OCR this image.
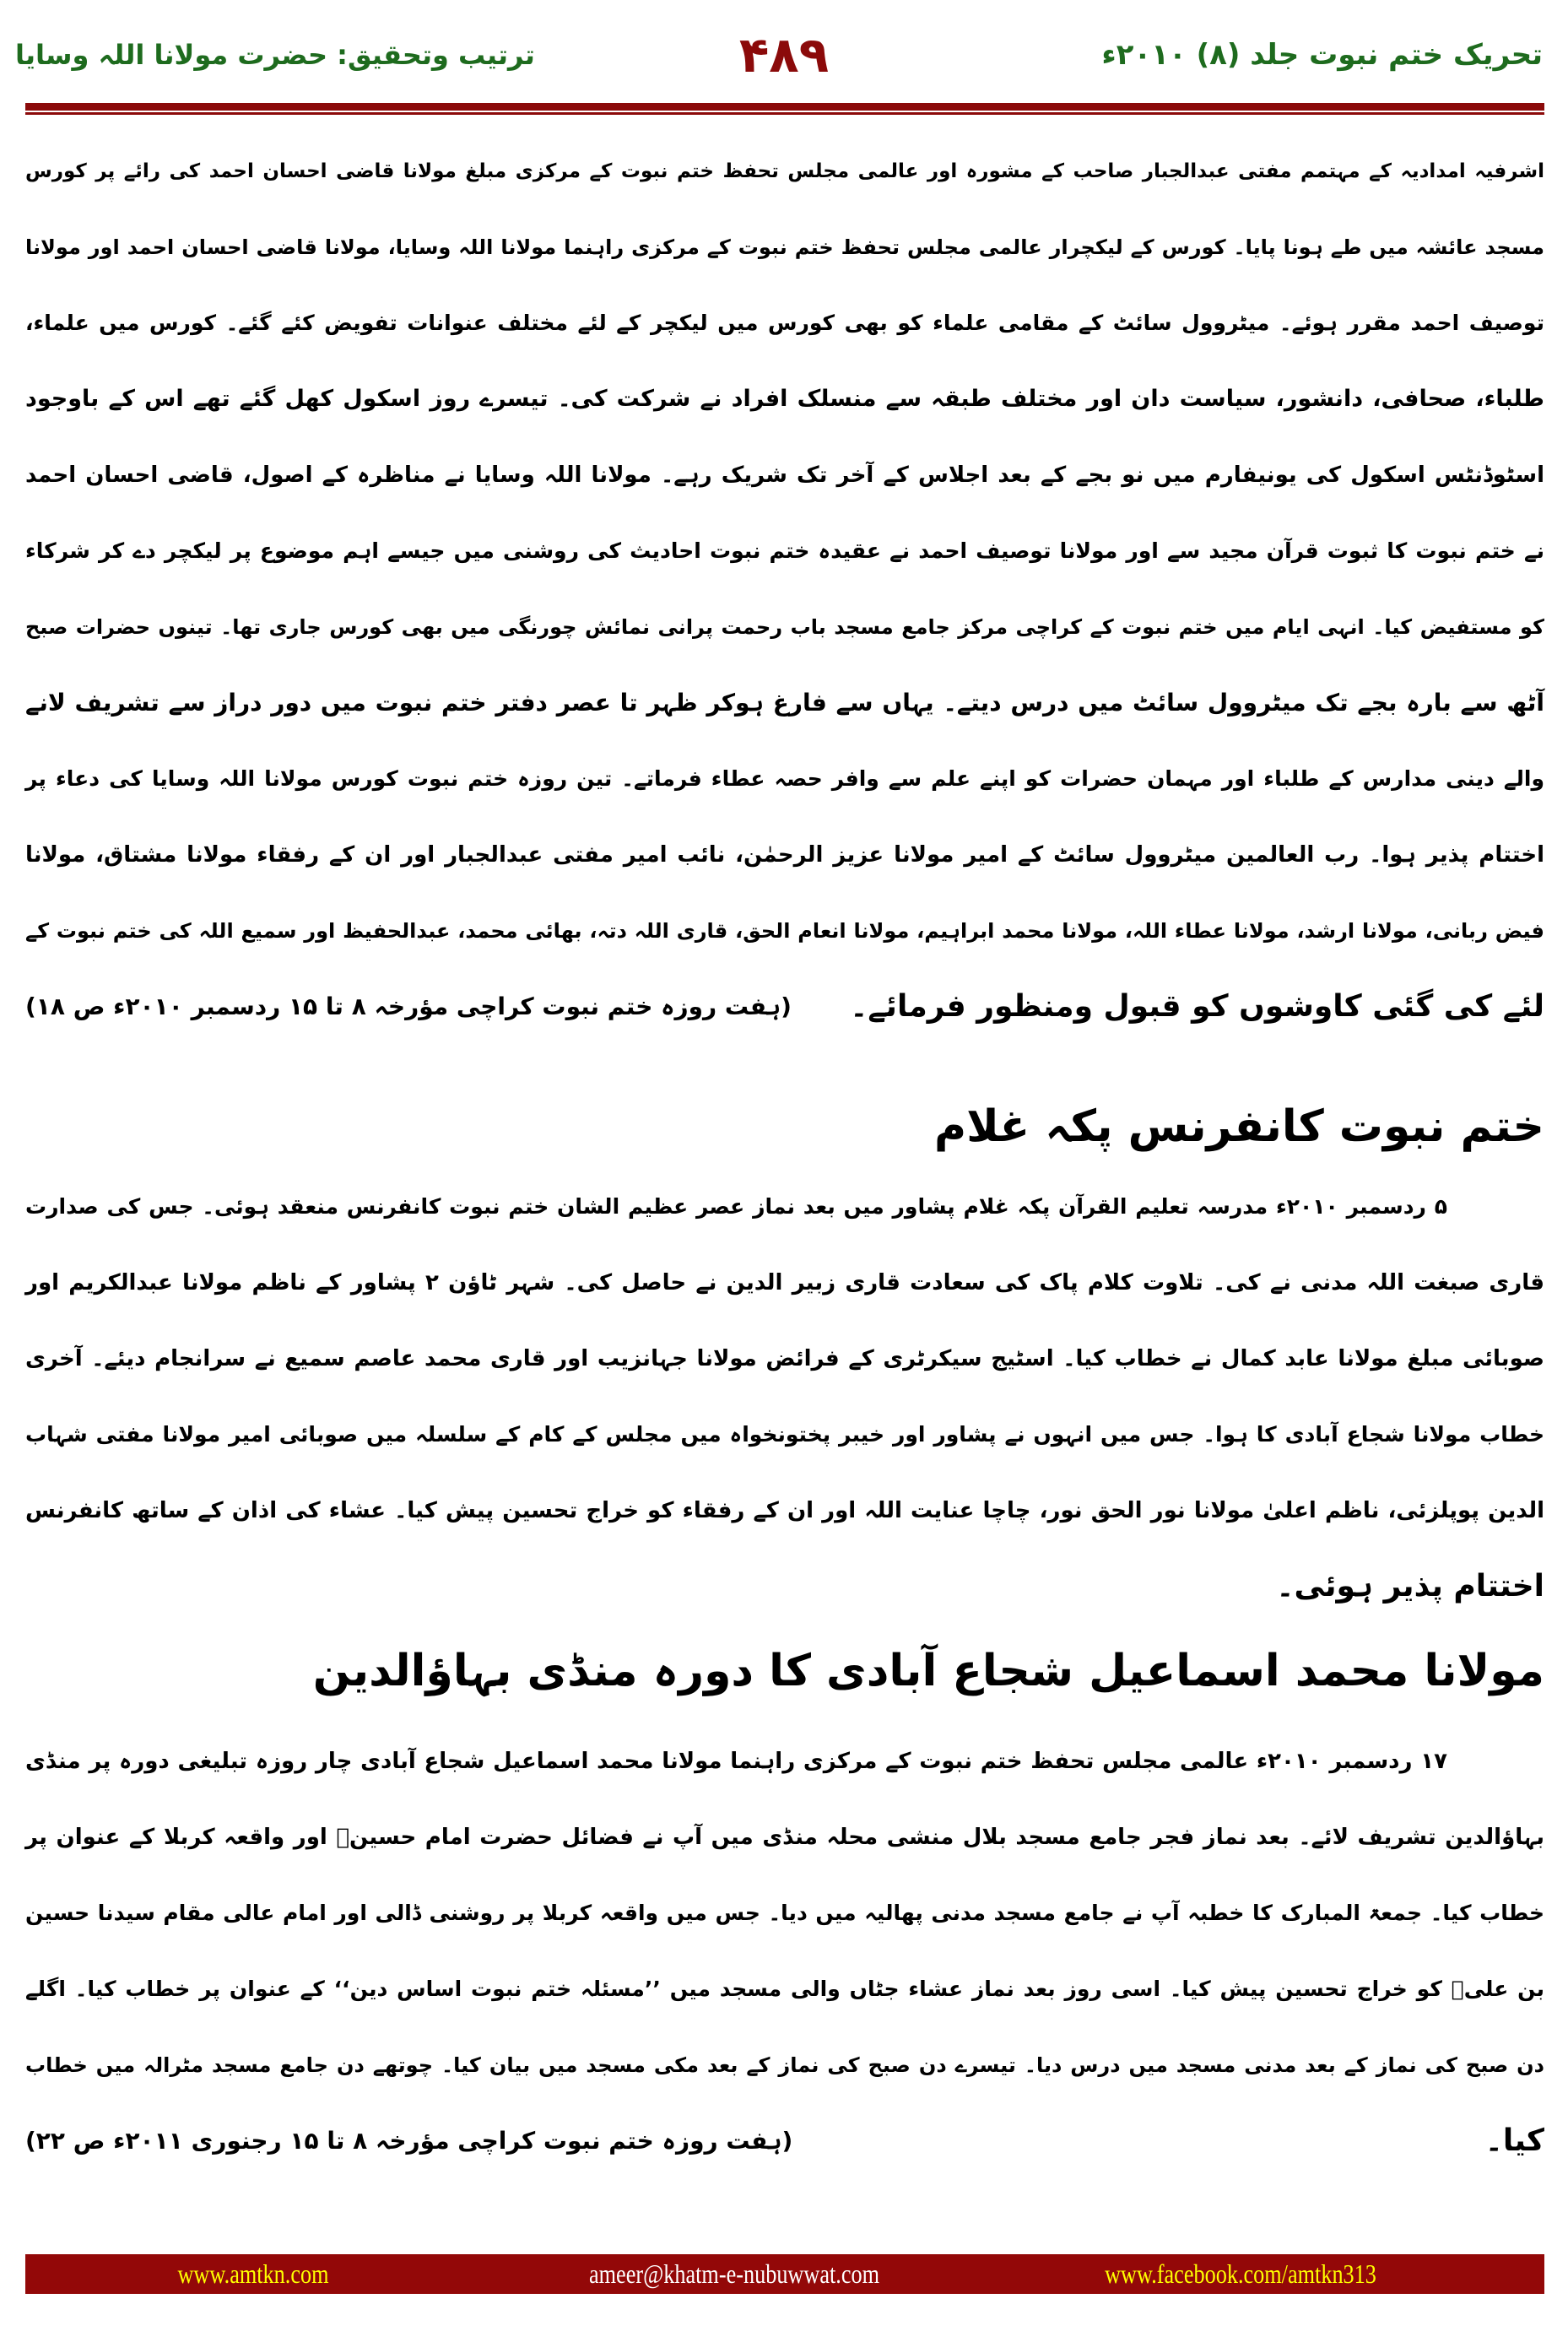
تحریک ختم نبوت جلد (۸) ۲۰۱۰ء
۴۸۹
ترتیب وتحقیق: حضرت مولانا اللہ وسایا
اشرفیہ امدادیہ کے مہتمم مفتی عبدالجبار صاحب کے مشورہ اور عالمی مجلس تحفظ ختم نبوت کے مرکزی مبلغ مولانا قاضی احسان احمد کی رائے پر کورس
مسجد عائشہ میں طے ہونا پایا۔ کورس کے لیکچرار عالمی مجلس تحفظ ختم نبوت کے مرکزی راہنما مولانا اللہ وسایا، مولانا قاضی احسان احمد اور مولانا
توصیف احمد مقرر ہوئے۔ میٹروول سائٹ کے مقامی علماء کو بھی کورس میں لیکچر کے لئے مختلف عنوانات تفویض کئے گئے۔ کورس میں علماء،
طلباء، صحافی، دانشور، سیاست دان اور مختلف طبقہ سے منسلک افراد نے شرکت کی۔ تیسرے روز اسکول کھل گئے تھے اس کے باوجود
اسٹوڈنٹس اسکول کی یونیفارم میں نو بجے کے بعد اجلاس کے آخر تک شریک رہے۔ مولانا اللہ وسایا نے مناظرہ کے اصول، قاضی احسان احمد
نے ختم نبوت کا ثبوت قرآن مجید سے اور مولانا توصیف احمد نے عقیدہ ختم نبوت احادیث کی روشنی میں جیسے اہم موضوع پر لیکچر دے کر شرکاء
کو مستفیض کیا۔ انہی ایام میں ختم نبوت کے کراچی مرکز جامع مسجد باب رحمت پرانی نمائش چورنگی میں بھی کورس جاری تھا۔ تینوں حضرات صبح
آٹھ سے بارہ بجے تک میٹروول سائٹ میں درس دیتے۔ یہاں سے فارغ ہوکر ظہر تا عصر دفتر ختم نبوت میں دور دراز سے تشریف لانے
والے دینی مدارس کے طلباء اور مہمان حضرات کو اپنے علم سے وافر حصہ عطاء فرماتے۔ تین روزہ ختم نبوت کورس مولانا اللہ وسایا کی دعاء پر
اختتام پذیر ہوا۔ رب العالمین میٹروول سائٹ کے امیر مولانا عزیز الرحمٰن، نائب امیر مفتی عبدالجبار اور ان کے رفقاء مولانا مشتاق، مولانا
فیض ربانی، مولانا ارشد، مولانا عطاء اللہ، مولانا محمد ابراہیم، مولانا انعام الحق، قاری اللہ دتہ، بھائی محمد، عبدالحفیظ اور سمیع اللہ کی ختم نبوت کے
لئے کی گئی کاوشوں کو قبول ومنظور فرمائے۔
(ہفت روزہ ختم نبوت کراچی مؤرخہ ۸ تا ۱۵ ردسمبر ۲۰۱۰ء ص ۱۸)
ختم نبوت کانفرنس پکہ غلام
۵ ردسمبر ۲۰۱۰ء مدرسہ تعلیم القرآن پکہ غلام پشاور میں بعد نماز عصر عظیم الشان ختم نبوت کانفرنس منعقد ہوئی۔ جس کی صدارت
قاری صبغت اللہ مدنی نے کی۔ تلاوت کلام پاک کی سعادت قاری زبیر الدین نے حاصل کی۔ شہر ٹاؤن ۲ پشاور کے ناظم مولانا عبدالکریم اور
صوبائی مبلغ مولانا عابد کمال نے خطاب کیا۔ اسٹیج سیکرٹری کے فرائض مولانا جہانزیب اور قاری محمد عاصم سمیع نے سرانجام دیئے۔ آخری
خطاب مولانا شجاع آبادی کا ہوا۔ جس میں انہوں نے پشاور اور خیبر پختونخواہ میں مجلس کے کام کے سلسلہ میں صوبائی امیر مولانا مفتی شہاب
الدین پوپلزئی، ناظم اعلیٰ مولانا نور الحق نور، چاچا عنایت اللہ اور ان کے رفقاء کو خراج تحسین پیش کیا۔ عشاء کی اذان کے ساتھ کانفرنس
اختتام پذیر ہوئی۔
مولانا محمد اسماعیل شجاع آبادی کا دورہ منڈی بہاؤالدین
۱۷ ردسمبر ۲۰۱۰ء عالمی مجلس تحفظ ختم نبوت کے مرکزی راہنما مولانا محمد اسماعیل شجاع آبادی چار روزہ تبلیغی دورہ پر منڈی
بہاؤالدین تشریف لائے۔ بعد نماز فجر جامع مسجد بلال منشی محلہ منڈی میں آپ نے فضائل حضرت امام حسینؓ اور واقعہ کربلا کے عنوان پر
خطاب کیا۔ جمعۃ المبارک کا خطبہ آپ نے جامع مسجد مدنی پھالیہ میں دیا۔ جس میں واقعہ کربلا پر روشنی ڈالی اور امام عالی مقام سیدنا حسین
بن علیؓ کو خراج تحسین پیش کیا۔ اسی روز بعد نماز عشاء جٹاں والی مسجد میں ’’مسئلہ ختم نبوت اساس دین‘‘ کے عنوان پر خطاب کیا۔ اگلے
دن صبح کی نماز کے بعد مدنی مسجد میں درس دیا۔ تیسرے دن صبح کی نماز کے بعد مکی مسجد میں بیان کیا۔ چوتھے دن جامع مسجد مٹرالہ میں خطاب
کیا۔
(ہفت روزہ ختم نبوت کراچی مؤرخہ ۸ تا ۱۵ رجنوری ۲۰۱۱ء ص ۲۲)
www.amtkn.com	ameer@khatm-e-nubuwwat.com	www.facebook.com/amtkn313
